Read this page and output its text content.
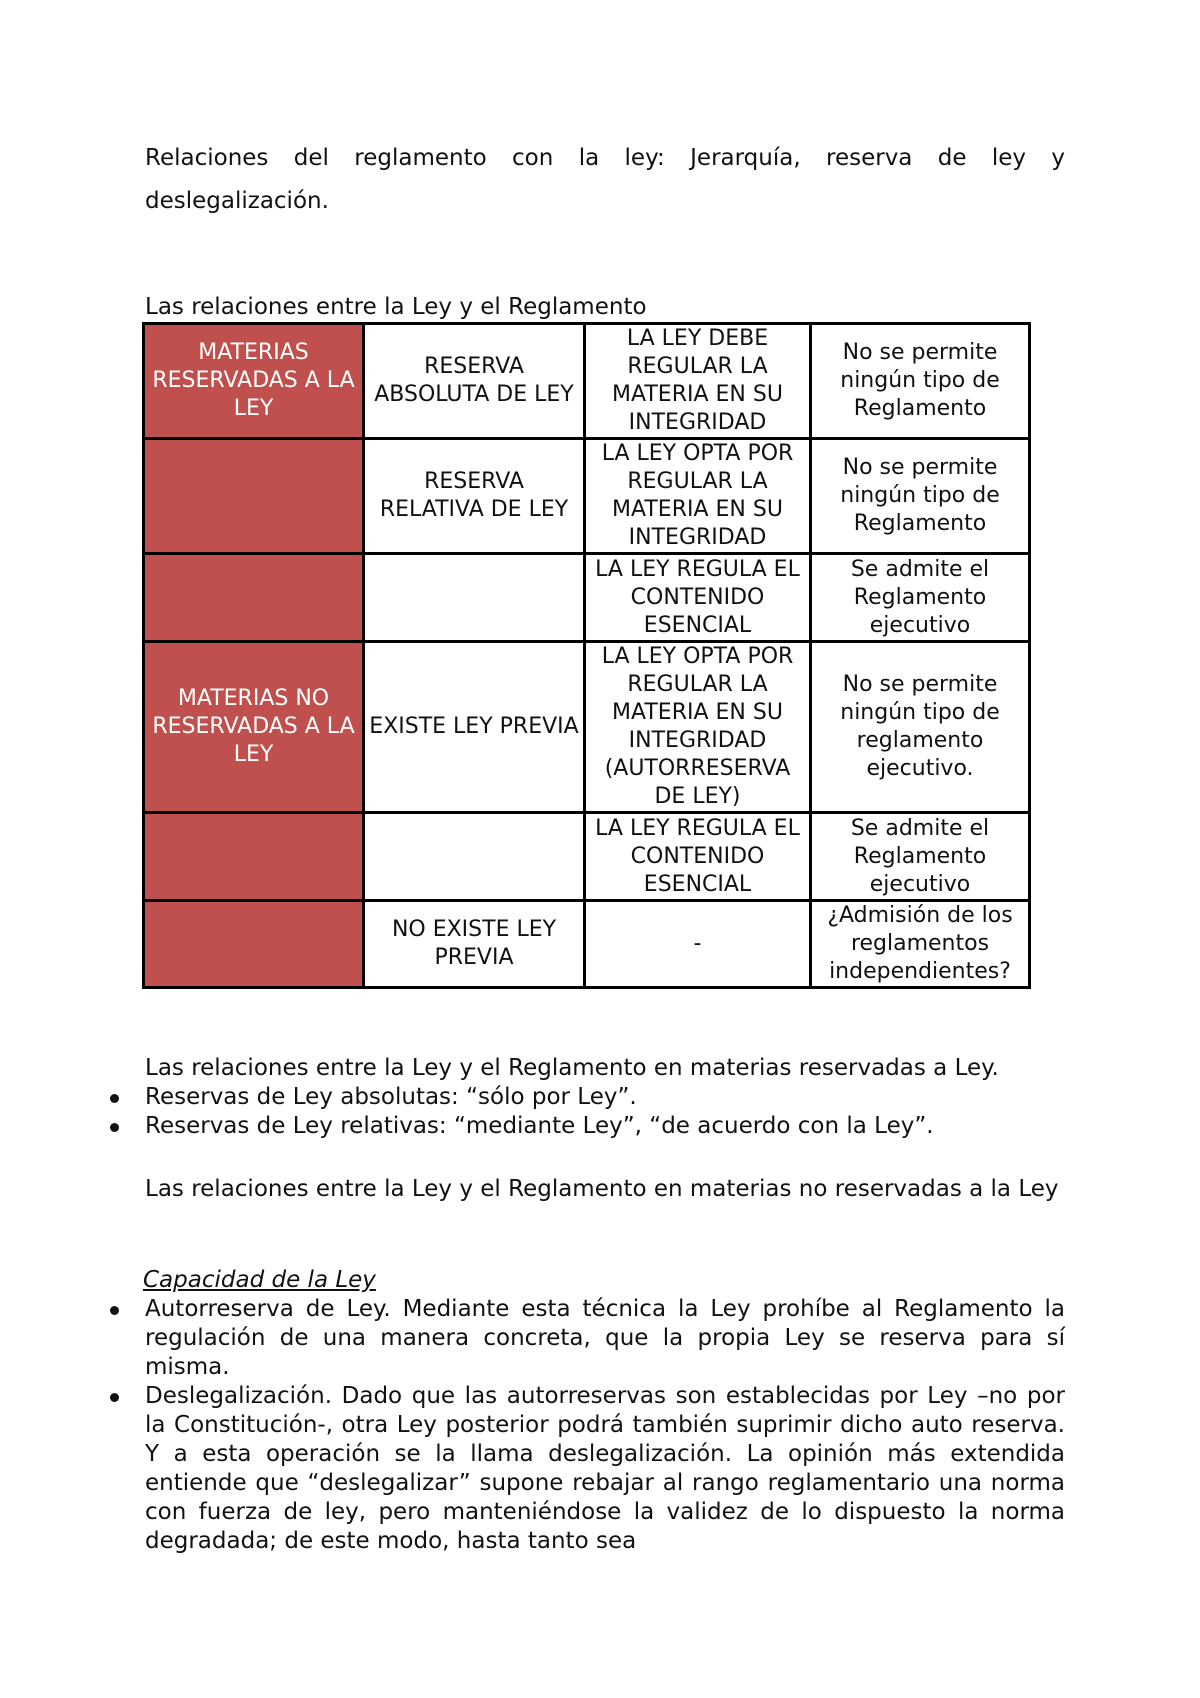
Relaciones del reglamento con la ley: Jerarquía, reserva de ley y deslegalización.
Las relaciones entre la Ley y el Reglamento
MATERIAS RESERVADAS A LA LEY	RESERVA ABSOLUTA DE LEY	LA LEY DEBE REGULAR LA MATERIA EN SU INTEGRIDAD	No se permite ningún tipo de Reglamento
	RESERVA RELATIVA DE LEY	LA LEY OPTA POR REGULAR LA MATERIA EN SU INTEGRIDAD	No se permite ningún tipo de Reglamento
		LA LEY REGULA EL CONTENIDO ESENCIAL	Se admite el Reglamento ejecutivo
MATERIAS NO RESERVADAS A LA LEY	EXISTE LEY PREVIA	LA LEY OPTA POR REGULAR LA MATERIA EN SU INTEGRIDAD (AUTORRESERVA DE LEY)	No se permite ningún tipo de reglamento ejecutivo.
		LA LEY REGULA EL CONTENIDO ESENCIAL	Se admite el Reglamento ejecutivo
	NO EXISTE LEY PREVIA	-	¿Admisión de los reglamentos independientes?
Las relaciones entre la Ley y el Reglamento en materias reservadas a Ley.
Reservas de Ley absolutas: “sólo por Ley”.
Reservas de Ley relativas: “mediante Ley”, “de acuerdo con la Ley”.
Las relaciones entre la Ley y el Reglamento en materias no reservadas a la Ley
Capacidad de la Ley
Autorreserva de Ley. Mediante esta técnica la Ley prohíbe al Reglamento la regulación de una manera concreta, que la propia Ley se reserva para sí misma.
Deslegalización. Dado que las autorreservas son establecidas por Ley –no por la Constitución-, otra Ley posterior podrá también suprimir dicho auto reserva. Y a esta operación se la llama deslegalización. La opinión más extendida entiende que “deslegalizar” supone rebajar al rango reglamentario una norma con fuerza de ley, pero manteniéndose la validez de lo dispuesto la norma degradada; de este modo, hasta tanto sea
